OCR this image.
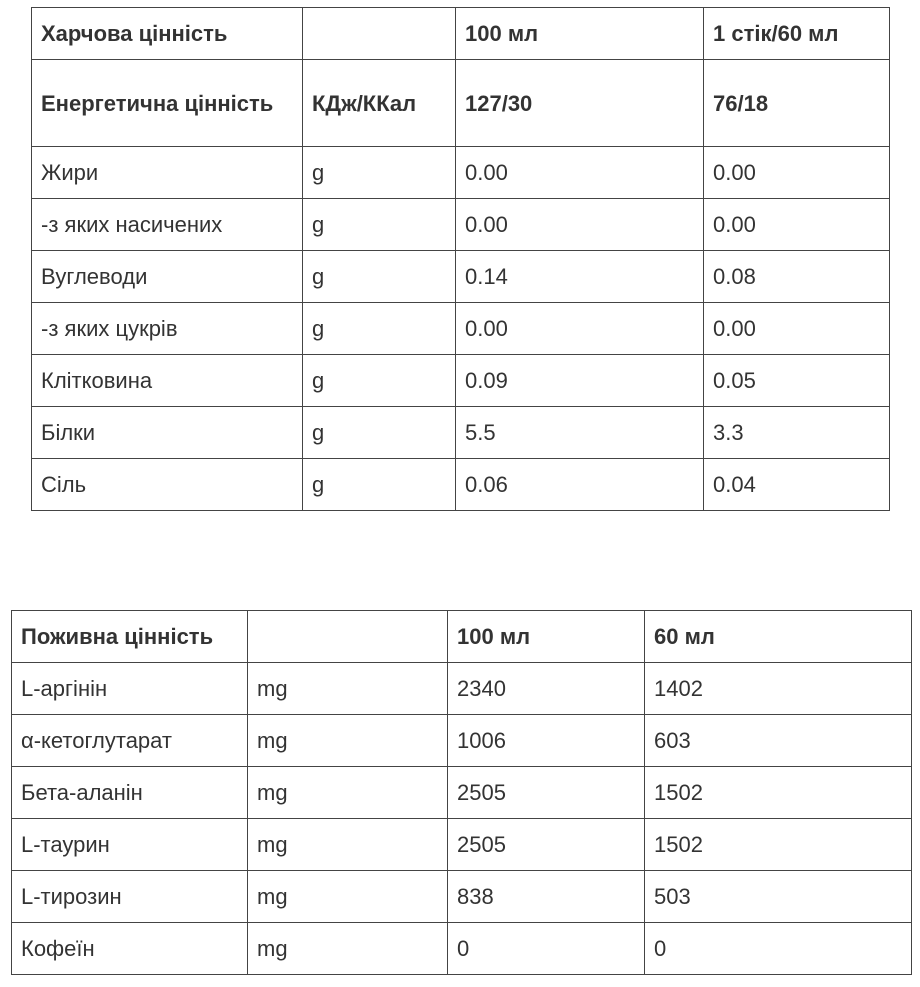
Харчова цінність		100 мл	1 стік/60 мл
Енергетична цінність	КДж/ККал	127/30	76/18
Жири	g	0.00	0.00
-з яких насичених	g	0.00	0.00
Вуглеводи	g	0.14	0.08
-з яких цукрів	g	0.00	0.00
Клітковина	g	0.09	0.05
Білки	g	5.5	3.3
Сіль	g	0.06	0.04
Поживна цінність		100 мл	60 мл
L-аргінін	mg	2340	1402
α-кетоглутарат	mg	1006	603
Бета-аланін	mg	2505	1502
L-таурин	mg	2505	1502
L-тирозин	mg	838	503
Кофеїн	mg	0	0
